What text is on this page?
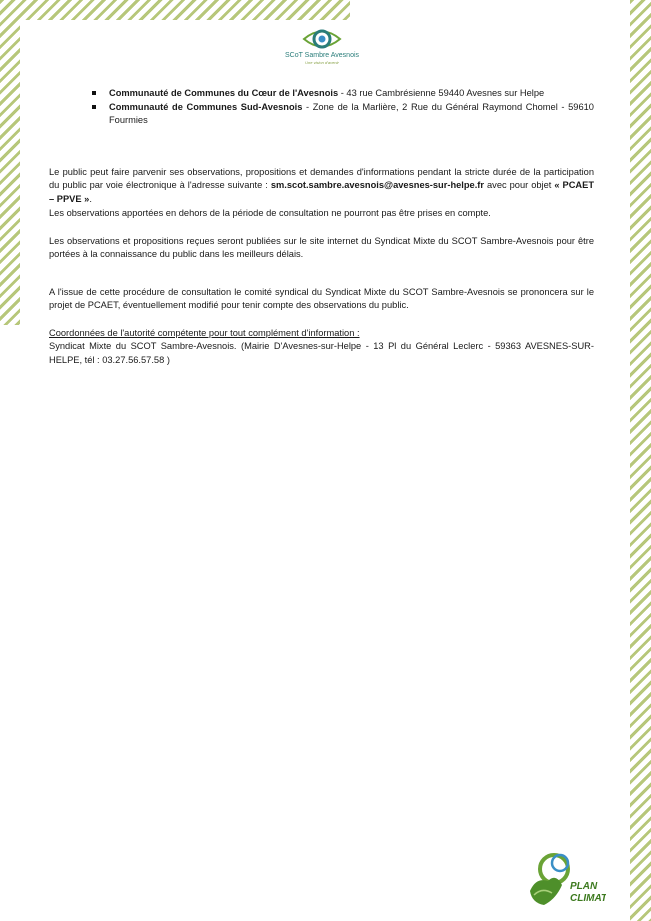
SCoT Sambre Avesnois
Une vision d'avenir
Communauté de Communes du Cœur de l'Avesnois - 43 rue Cambrésienne 59440 Avesnes sur Helpe
Communauté de Communes Sud-Avesnois - Zone de la Marlière, 2 Rue du Général Raymond Chomel - 59610 Fourmies
Le public peut faire parvenir ses observations, propositions et demandes d'informations pendant la stricte durée de la participation du public par voie électronique à l'adresse suivante : sm.scot.sambre.avesnois@avesnes-sur-helpe.fr avec pour objet « PCAET – PPVE ».
Les observations apportées en dehors de la période de consultation ne pourront pas être prises en compte.
Les observations et propositions reçues seront publiées sur le site internet du Syndicat Mixte du SCOT Sambre-Avesnois pour être portées à la connaissance du public dans les meilleurs délais.
A l'issue de cette procédure de consultation le comité syndical du Syndicat Mixte du SCOT Sambre-Avesnois se prononcera sur le projet de PCAET, éventuellement modifié pour tenir compte des observations du public.
Coordonnées de l'autorité compétente pour tout complément d'information :
Syndicat Mixte du SCOT Sambre-Avesnois. (Mairie D'Avesnes-sur-Helpe - 13 Pl du Général Leclerc - 59363 AVESNES-SUR-HELPE, tél : 03.27.56.57.58 )
PLAN
CLIMAT
